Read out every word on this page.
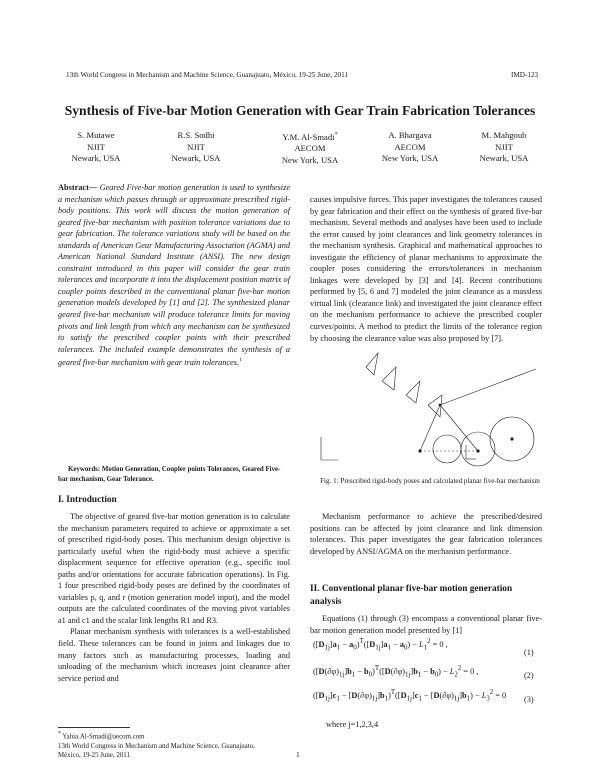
13th World Congress in Mechanism and Machine Science, Guanajuato, México, 19-25 June, 2011	IMD-123
Synthesis of Five-bar Motion Generation with Gear Train Fabrication Tolerances
S. Mutawe
NJIT
Newark, USA
R.S. Sodhi
NJIT
Newark, USA
Y.M. Al-Smadi*
AECOM
New York, USA
A. Bhargava
AECOM
New York, USA
M. Mahgoub
NJIT
Newark, USA

Abstract— Geared Five-bar motion generation is used to synthesize a mechanism which passes through or approximate prescribed rigid-body positions. This work will discuss the motion generation of geared five-bar mechanism with position tolerance variations due to gear fabrication. The tolerance variations study will be based on the standards of American Gear Manufacturing Association (AGMA) and American National Standard Institute (ANSI). The new design constraint introduced in this paper will consider the gear train tolerances and incorporate it into the displacement position matrix of coupler points described in the conventional planar five-bar motion generation models developed by [1] and [2]. The synthesized planar geared five-bar mechanism will produce tolerance limits for moving pivots and link length from which any mechanism can be synthesized to satisfy the prescribed coupler points with their prescribed tolerances. The included example demonstrates the synthesis of a geared five-bar mechanism with gear train tolerances.$^1$

Keywords: Motion Generation, Coupler points Tolerances, Geared Five-bar mechanism, Gear Tolerance.
I. Introduction

The objective of geared five-bar motion generation is to calculate the mechanism parameters required to achieve or approximate a set of prescribed rigid-body poses. This mechanism design objective is particularly useful when the rigid-body must achieve a specific displacement sequence for effective operation (e.g., specific tool paths and/or orientations for accurate fabrication operations). In Fig. 1 four prescribed rigid-body poses are defined by the coordinates of variables p, q, and r (motion generation model input), and the model outputs are the calculated coordinates of the moving pivot variables a1 and c1 and the scalar link lengths R1 and R3.

Planar mechanism synthesis with tolerances is a well-established field. These tolerances can be found in joints and linkages due to many factors such as manufacturing processes, loading and unloading of the mechanism which increases joint clearance after service period and

* Yahia.Al-Smadi@aecom.com
13th World Congress in Mechanism and Machine Science, Guanajuato,
México, 19-25 June, 2011
causes impulsive forces. This paper investigates the tolerances caused by gear fabrication and their effect on the synthesis of geared five-bar mechanism. Several methods and analyses have been used to include the error caused by joint clearances and link geometry tolerances in the mechanism synthesis. Graphical and mathematical approaches to investigate the efficiency of planar mechanisms to approximate the coupler poses considering the errors/tolerances in mechanism linkages were developed by [3] and [4]. Recent contributions performed by [5, 6 and 7] modeled the joint clearance as a massless virtual link (clearance link) and investigated the joint clearance effect on the mechanism performance to achieve the prescribed coupler curves/points. A method to predict the limits of the tolerance region by choosing the clearance value was also proposed by [7].
Fig. 1: Prescribed rigid-body poses and calculated planar five-bar mechanism
Mechanism performance to achieve the prescribed/desired positions can be affected by joint clearance and link dimension tolerances. This paper investigates the gear fabrication tolerances developed by ANSI/AGMA on the mechanism performance.
II. Conventional planar five-bar motion generation analysis
Equations (1) through (3) encompass a conventional planar five-bar motion generation model presented by [1]
$([D_{1j}]a_1 - a_0)^T([D_{1j}]a_1 - a_0) - L_1^2 = 0$ ,
(1)
$([D(\partial\varphi)_{1j}]b_1 - b_0)^T([D(\partial\varphi)_{1j}]b_1 - b_0) - L_2^2 = 0$ ,	(2)
$([D_{1j}]c_1 - [D(\partial\varphi)_{1j}]b_1)^T([D_{1j}]c_1 - [D(\partial\varphi)_{1j}]b_1) - L_3^2 = 0$ (3)
where j=1,2,3,4
1
